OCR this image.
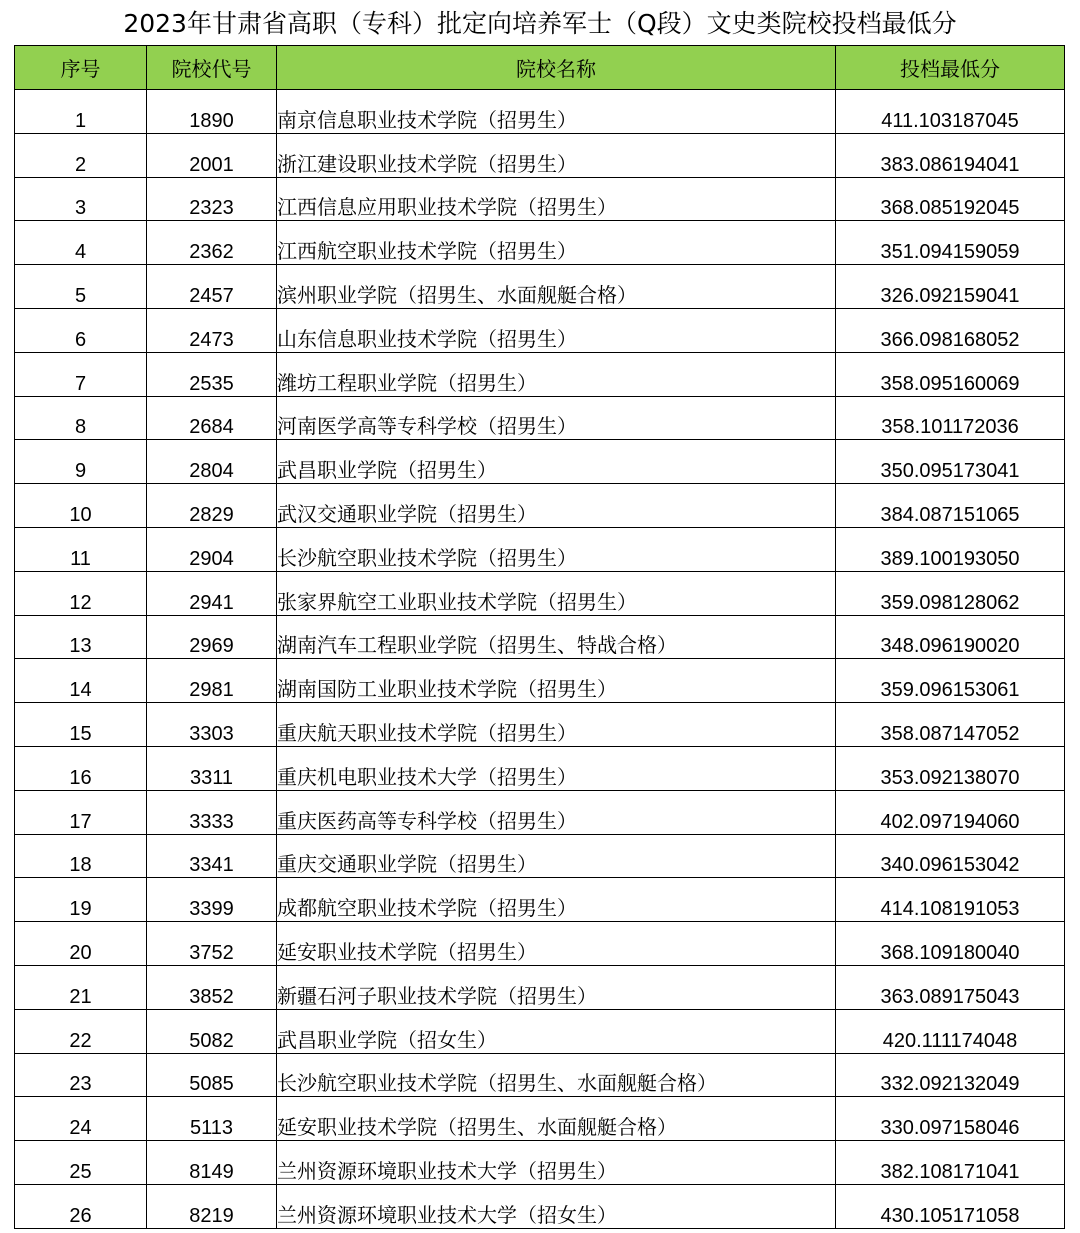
2023年甘肃省高职（专科）批定向培养军士（Q段）文史类院校投档最低分
序号	院校代号	院校名称	投档最低分
1	1890	南京信息职业技术学院（招男生）	411.103187045
2	2001	浙江建设职业技术学院（招男生）	383.086194041
3	2323	江西信息应用职业技术学院（招男生）	368.085192045
4	2362	江西航空职业技术学院（招男生）	351.094159059
5	2457	滨州职业学院（招男生、水面舰艇合格）	326.092159041
6	2473	山东信息职业技术学院（招男生）	366.098168052
7	2535	潍坊工程职业学院（招男生）	358.095160069
8	2684	河南医学高等专科学校（招男生）	358.101172036
9	2804	武昌职业学院（招男生）	350.095173041
10	2829	武汉交通职业学院（招男生）	384.087151065
11	2904	长沙航空职业技术学院（招男生）	389.100193050
12	2941	张家界航空工业职业技术学院（招男生）	359.098128062
13	2969	湖南汽车工程职业学院（招男生、特战合格）	348.096190020
14	2981	湖南国防工业职业技术学院（招男生）	359.096153061
15	3303	重庆航天职业技术学院（招男生）	358.087147052
16	3311	重庆机电职业技术大学（招男生）	353.092138070
17	3333	重庆医药高等专科学校（招男生）	402.097194060
18	3341	重庆交通职业学院（招男生）	340.096153042
19	3399	成都航空职业技术学院（招男生）	414.108191053
20	3752	延安职业技术学院（招男生）	368.109180040
21	3852	新疆石河子职业技术学院（招男生）	363.089175043
22	5082	武昌职业学院（招女生）	420.111174048
23	5085	长沙航空职业技术学院（招男生、水面舰艇合格）	332.092132049
24	5113	延安职业技术学院（招男生、水面舰艇合格）	330.097158046
25	8149	兰州资源环境职业技术大学（招男生）	382.108171041
26	8219	兰州资源环境职业技术大学（招女生）	430.105171058
